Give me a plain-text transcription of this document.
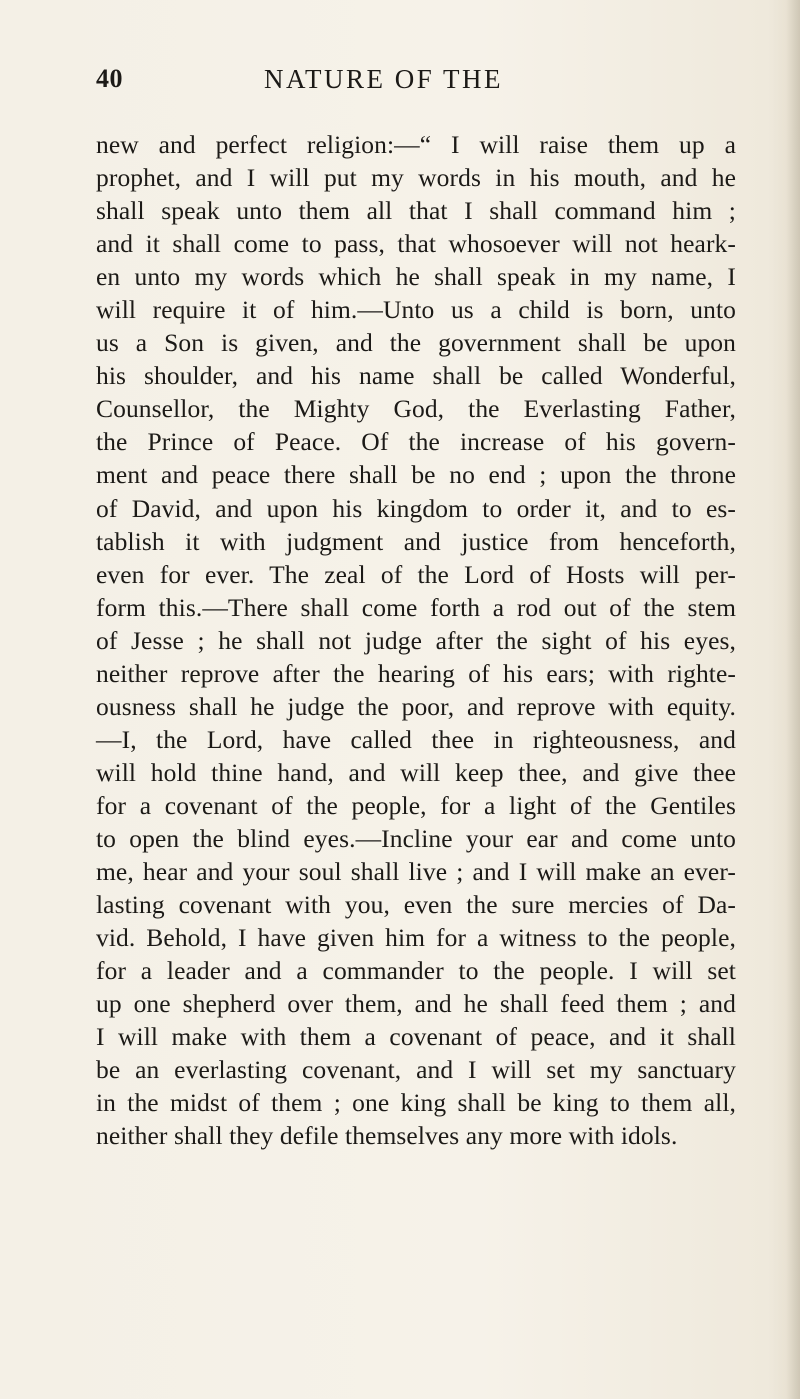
40	NATURE OF THE
new and perfect religion:—“ I will raise them up a
prophet, and I will put my words in his mouth, and he
shall speak unto them all that I shall command him ;
and it shall come to pass, that whosoever will not heark-
en unto my words which he shall speak in my name, I
will require it of him.—Unto us a child is born, unto
us a Son is given, and the government shall be upon
his shoulder, and his name shall be called Wonderful,
Counsellor, the Mighty God, the Everlasting Father,
the Prince of Peace. Of the increase of his govern-
ment and peace there shall be no end ; upon the throne
of David, and upon his kingdom to order it, and to es-
tablish it with judgment and justice from henceforth,
even for ever. The zeal of the Lord of Hosts will per-
form this.—There shall come forth a rod out of the stem
of Jesse ; he shall not judge after the sight of his eyes,
neither reprove after the hearing of his ears; with righte-
ousness shall he judge the poor, and reprove with equity.
—I, the Lord, have called thee in righteousness, and
will hold thine hand, and will keep thee, and give thee
for a covenant of the people, for a light of the Gentiles
to open the blind eyes.—Incline your ear and come unto
me, hear and your soul shall live ; and I will make an ever-
lasting covenant with you, even the sure mercies of Da-
vid. Behold, I have given him for a witness to the people,
for a leader and a commander to the people. I will set
up one shepherd over them, and he shall feed them ; and
I will make with them a covenant of peace, and it shall
be an everlasting covenant, and I will set my sanctuary
in the midst of them ; one king shall be king to them all,
neither shall they defile themselves any more with idols.
